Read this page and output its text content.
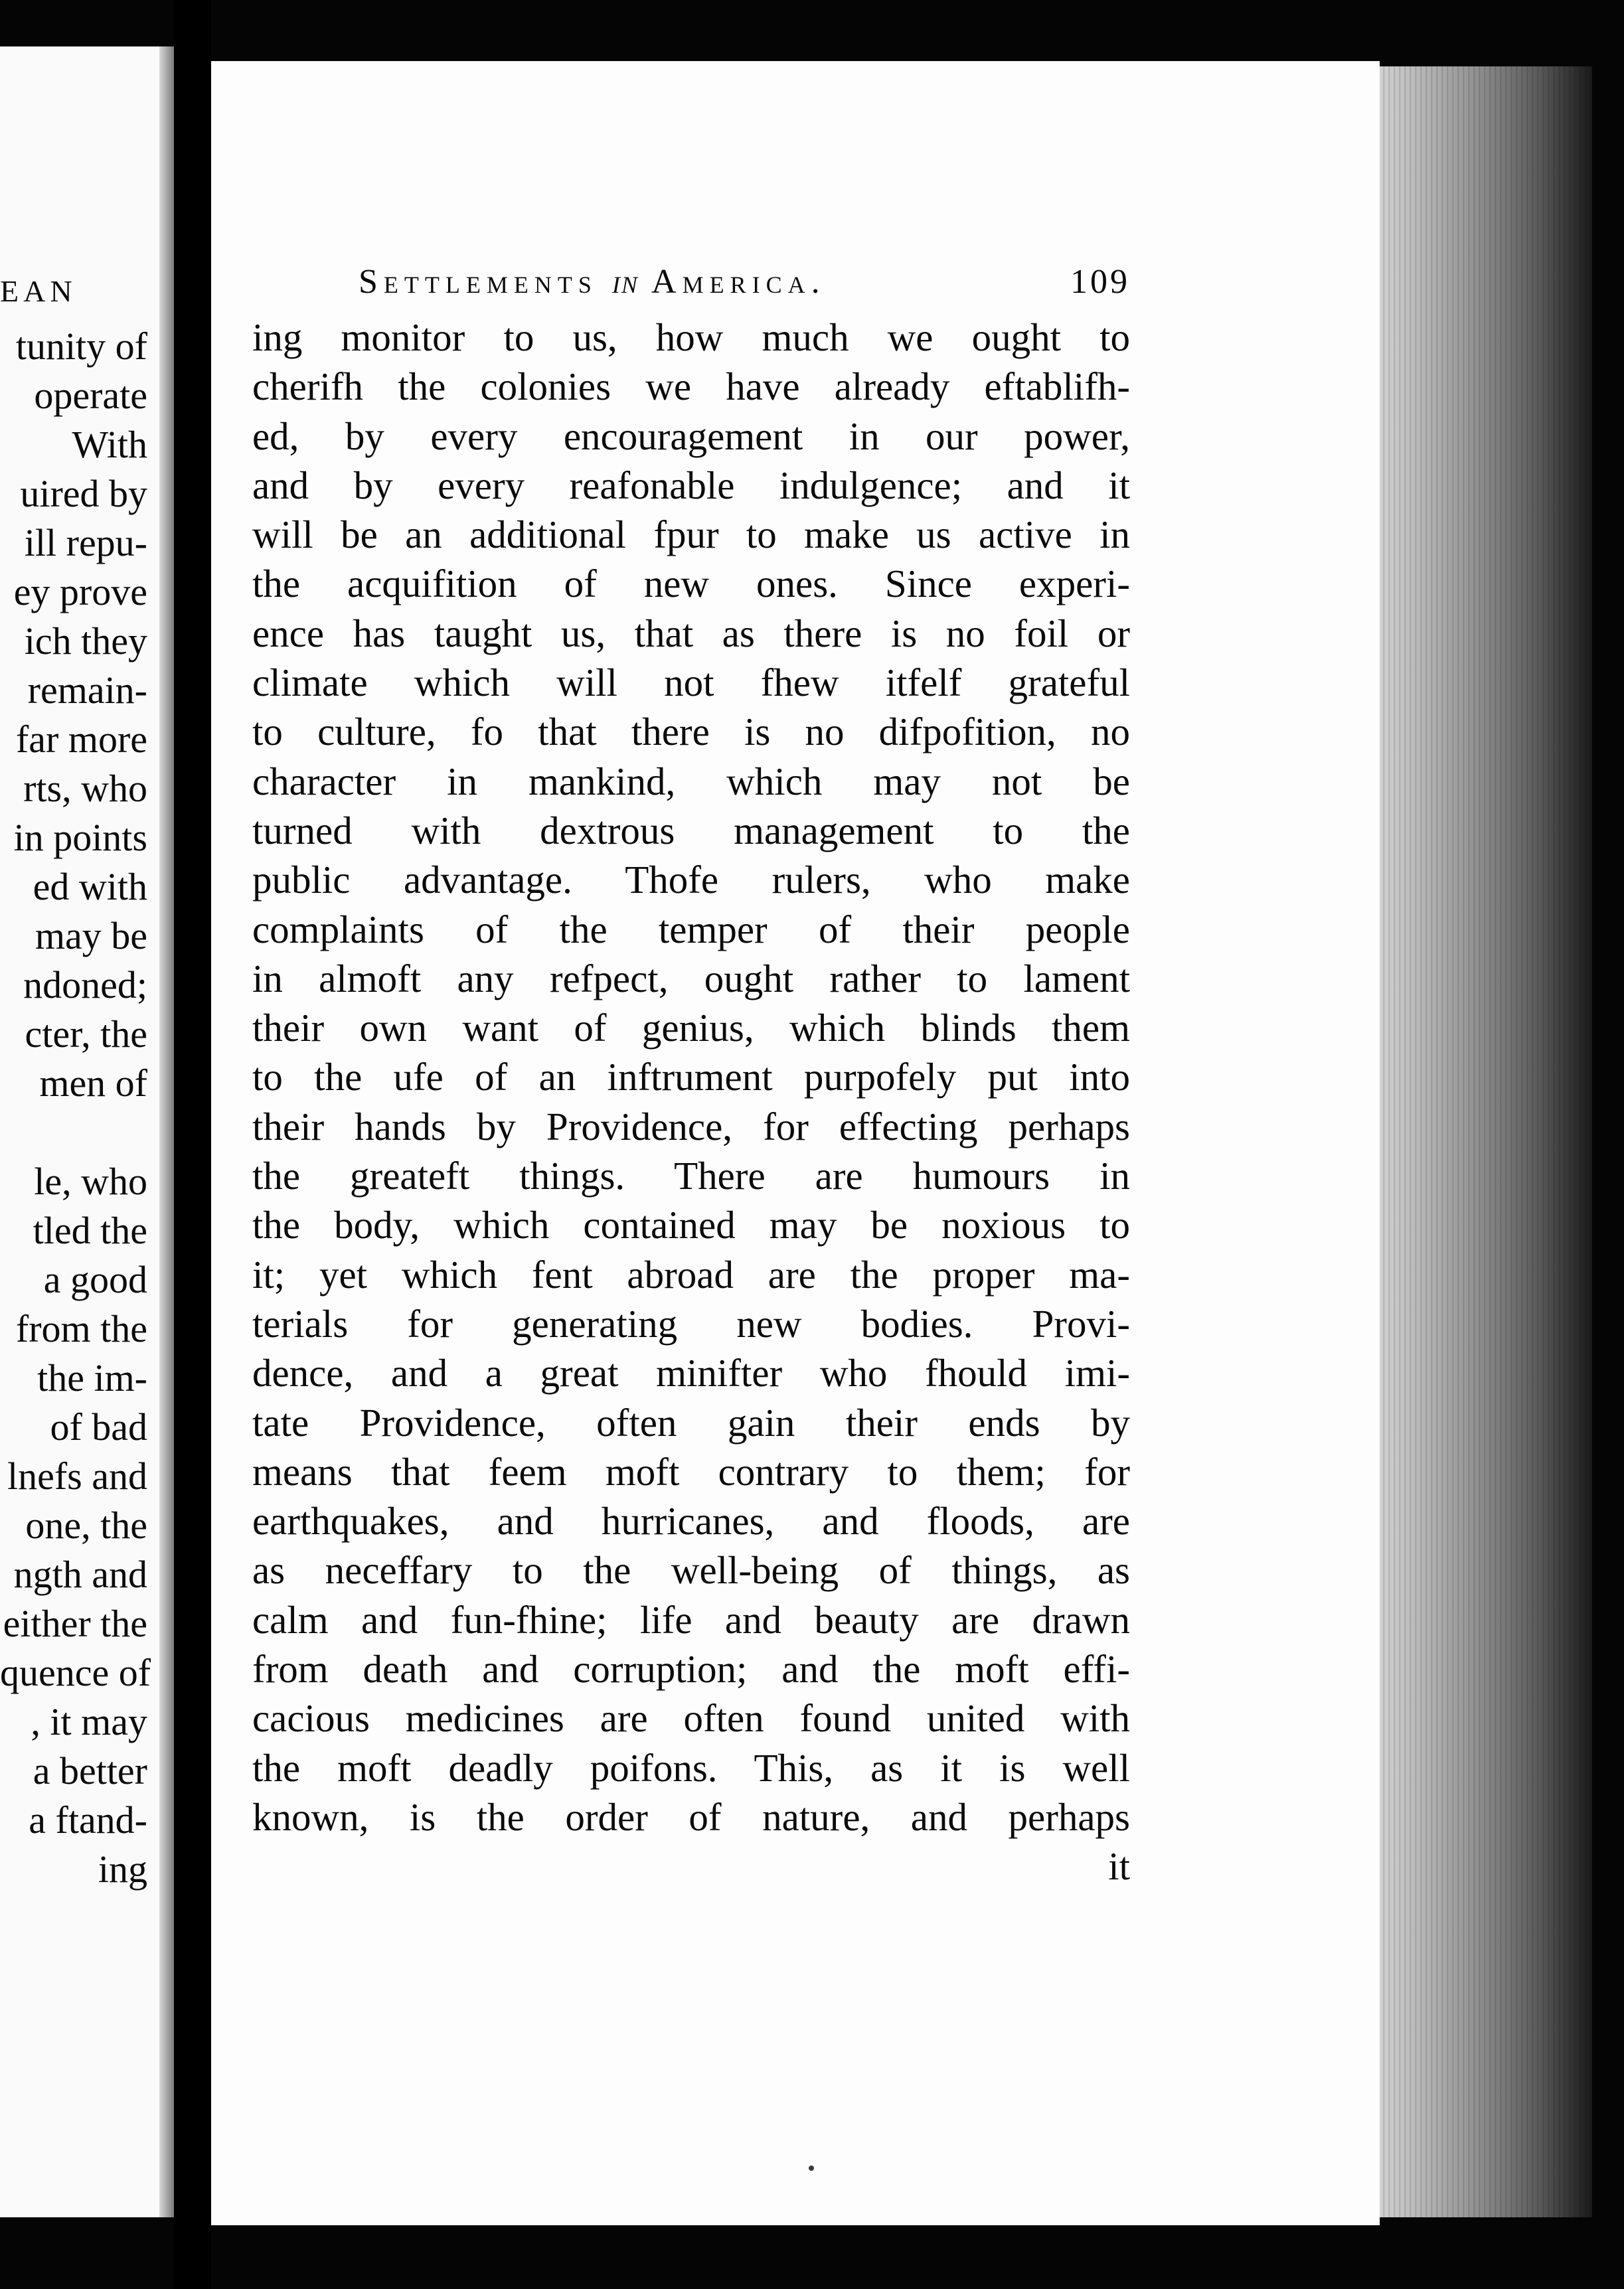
EAN
tunity of
operate
With
uired by
ill repu-
ey prove
ich they
remain-
far more
rts, who
in points
ed with
may be
ndoned;
cter, the
men of
le, who
tled the
a good
from the
the im-
of bad
lnefs and
one, the
ngth and
either the
quence of
, it may
a better
a ftand-
ing
Settlements in America.	109
ing monitor to us, how much we ought to
cherifh the colonies we have already eftablifh-
ed, by every encouragement in our power,
and by every reafonable indulgence; and it
will be an additional fpur to make us active in
the acquifition of new ones. Since experi-
ence has taught us, that as there is no foil or
climate which will not fhew itfelf grateful
to culture, fo that there is no difpofition, no
character in mankind, which may not be
turned with dextrous management to the
public advantage. Thofe rulers, who make
complaints of the temper of their people
in almoft any refpect, ought rather to lament
their own want of genius, which blinds them
to the ufe of an inftrument purpofely put into
their hands by Providence, for effecting perhaps
the greateft things. There are humours in
the body, which contained may be noxious to
it; yet which fent abroad are the proper ma-
terials for generating new bodies. Provi-
dence, and a great minifter who fhould imi-
tate Providence, often gain their ends by
means that feem moft contrary to them; for
earthquakes, and hurricanes, and floods, are
as neceffary to the well-being of things, as
calm and fun-fhine; life and beauty are drawn
from death and corruption; and the moft effi-
cacious medicines are often found united with
the moft deadly poifons. This, as it is well
known, is the order of nature, and perhaps
it
